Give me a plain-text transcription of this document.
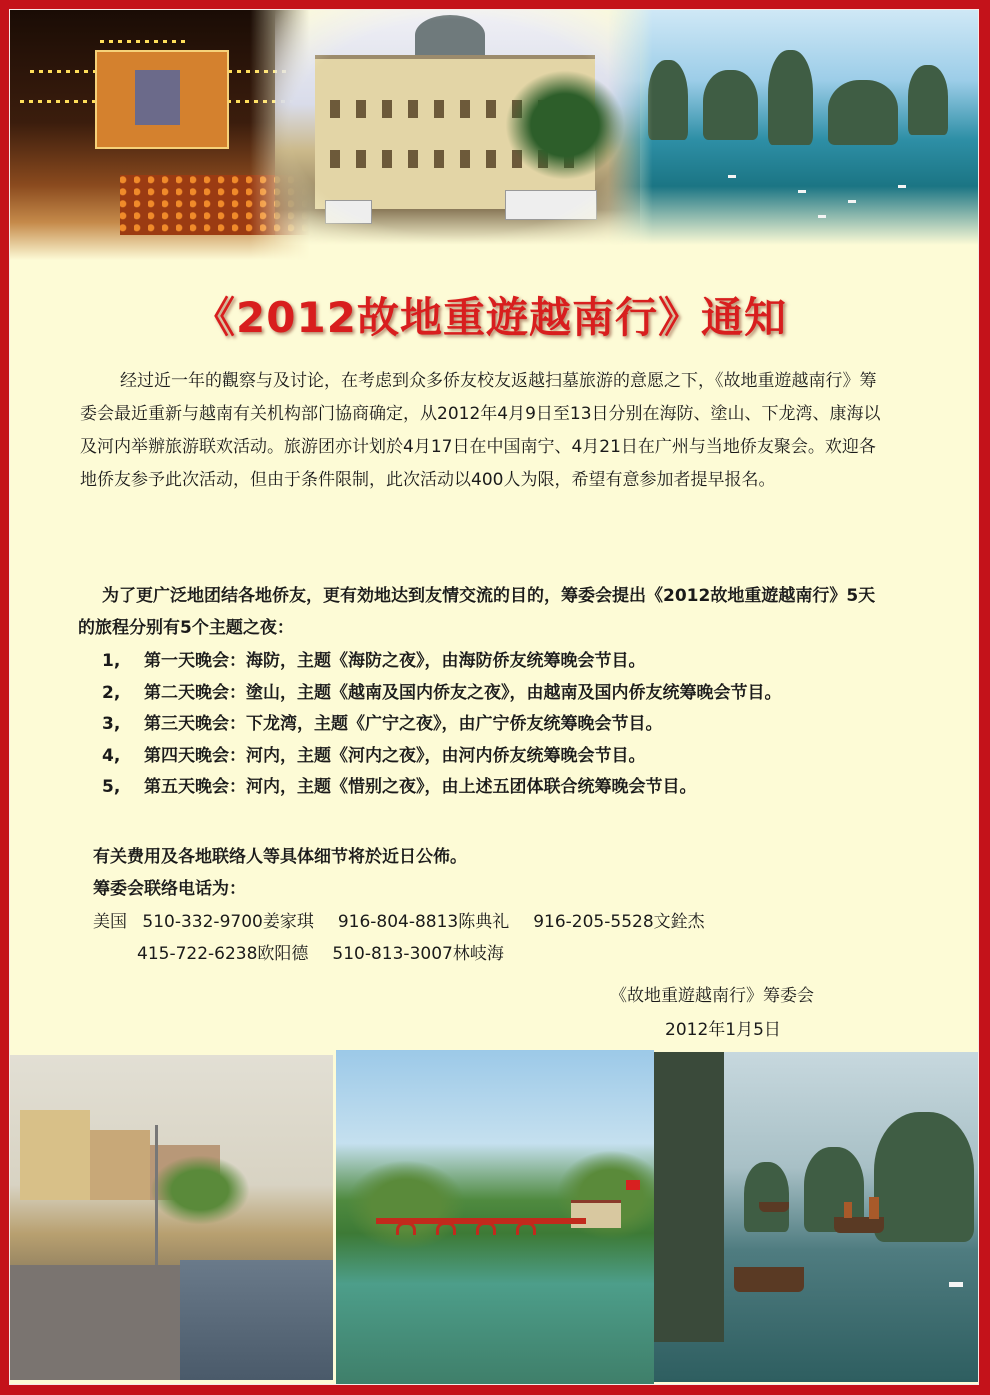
《2012故地重遊越南行》通知

经过近一年的觀察与及讨论，在考虑到众多侨友校友返越扫墓旅游的意愿之下，《故地重遊越南行》筹委会最近重新与越南有关机构部门協商确定，从2012年4月9日至13日分别在海防、塗山、下龙湾、康海以及河内举辦旅游联欢活动。旅游团亦计划於4月17日在中国南宁、4月21日在广州与当地侨友聚会。欢迎各地侨友参予此次活动，但由于条件限制，此次活动以400人为限，希望有意参加者提早报名。

为了更广泛地团结各地侨友，更有効地达到友情交流的目的，筹委会提出《2012故地重遊越南行》5天的旅程分别有5个主题之夜：

1, 第一天晚会：海防，主题《海防之夜》，由海防侨友统筹晚会节目。
2, 第二天晚会：塗山，主题《越南及国内侨友之夜》，由越南及国内侨友统筹晚会节目。
3, 第三天晚会：下龙湾，主题《广宁之夜》，由广宁侨友统筹晚会节目。
4, 第四天晚会：河内，主题《河内之夜》，由河内侨友统筹晚会节目。
5, 第五天晚会：河内，主题《惜别之夜》，由上述五团体联合统筹晚会节目。
有关费用及各地联络人等具体细节将於近日公佈。
筹委会联络电话为：
美国 510-332-9700姜家琪 916-804-8813陈典礼 916-205-5528文銓杰
415-722-6238欧阳德 510-813-3007林岐海
《故地重遊越南行》筹委会
2012年1月5日
